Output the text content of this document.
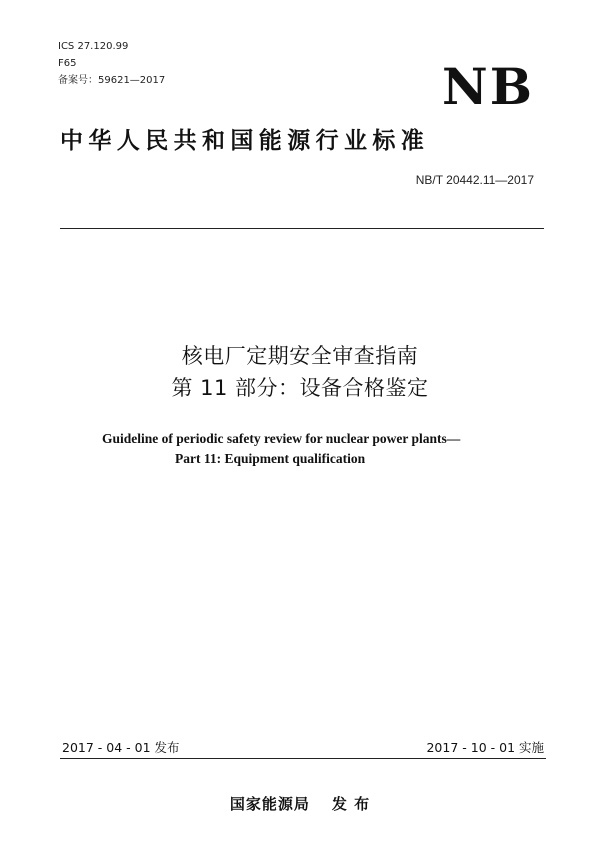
ICS 27.120.99
F65
备案号：59621—2017	NB
中华人民共和国能源行业标准
NB/T 20442.11—2017
核电厂定期安全审查指南
第 11 部分：设备合格鉴定
Guideline of periodic safety review for nuclear power plants—
Part 11: Equipment qualification
2017 - 04 - 01 发布	2017 - 10 - 01 实施
国家能源局 发 布
